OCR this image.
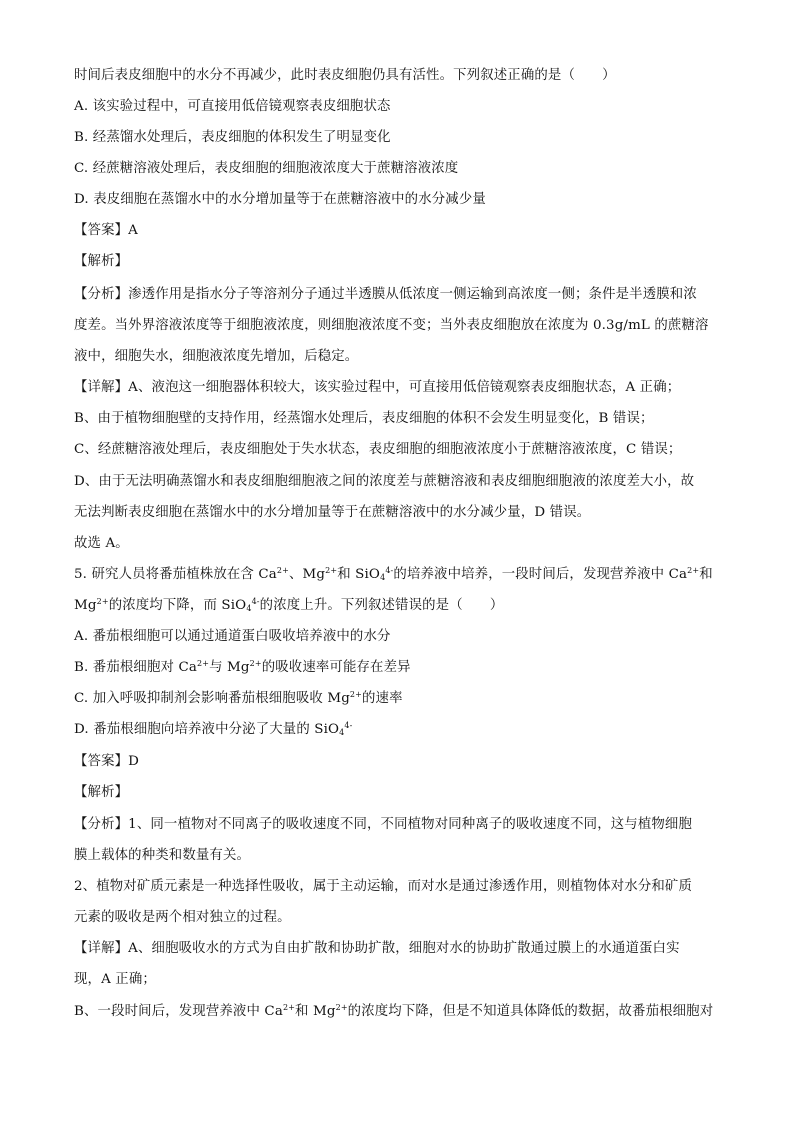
时间后表皮细胞中的水分不再减少，此时表皮细胞仍具有活性。下列叙述正确的是（　　）
A. 该实验过程中，可直接用低倍镜观察表皮细胞状态
B. 经蒸馏水处理后，表皮细胞的体积发生了明显变化
C. 经蔗糖溶液处理后，表皮细胞的细胞液浓度大于蔗糖溶液浓度
D. 表皮细胞在蒸馏水中的水分增加量等于在蔗糖溶液中的水分减少量
【答案】A
【解析】
【分析】渗透作用是指水分子等溶剂分子通过半透膜从低浓度一侧运输到高浓度一侧；条件是半透膜和浓
度差。当外界溶液浓度等于细胞液浓度，则细胞液浓度不变；当外表皮细胞放在浓度为 0.3g/mL 的蔗糖溶
液中，细胞失水，细胞液浓度先增加，后稳定。
【详解】A、液泡这一细胞器体积较大，该实验过程中，可直接用低倍镜观察表皮细胞状态，A 正确；
B、由于植物细胞壁的支持作用，经蒸馏水处理后，表皮细胞的体积不会发生明显变化，B 错误；
C、经蔗糖溶液处理后，表皮细胞处于失水状态，表皮细胞的细胞液浓度小于蔗糖溶液浓度，C 错误；
D、由于无法明确蒸馏水和表皮细胞细胞液之间的浓度差与蔗糖溶液和表皮细胞细胞液的浓度差大小，故
无法判断表皮细胞在蒸馏水中的水分增加量等于在蔗糖溶液中的水分减少量，D 错误。
故选 A。
5. 研究人员将番茄植株放在含 $Ca^{2+}$、$Mg^{2+}$和 SiO$_4^{4-}$的培养液中培养，一段时间后，发现营养液中 $Ca^{2+}$和
$Mg^{2+}$的浓度均下降，而 SiO$_4^{4-}$的浓度上升。下列叙述错误的是（　　）
A. 番茄根细胞可以通过通道蛋白吸收培养液中的水分
B. 番茄根细胞对 $Ca^{2+}$与 $Mg^{2+}$的吸收速率可能存在差异
C. 加入呼吸抑制剂会影响番茄根细胞吸收 $Mg^{2+}$的速率
D. 番茄根细胞向培养液中分泌了大量的 SiO$_4^{4-}$
【答案】D
【解析】
【分析】1、同一植物对不同离子的吸收速度不同，不同植物对同种离子的吸收速度不同，这与植物细胞
膜上载体的种类和数量有关。
2、植物对矿质元素是一种选择性吸收，属于主动运输，而对水是通过渗透作用，则植物体对水分和矿质
元素的吸收是两个相对独立的过程。
【详解】A、细胞吸收水的方式为自由扩散和协助扩散，细胞对水的协助扩散通过膜上的水通道蛋白实
现，A 正确；
B、一段时间后，发现营养液中 $Ca^{2+}$和 $Mg^{2+}$的浓度均下降，但是不知道具体降低的数据，故番茄根细胞对
